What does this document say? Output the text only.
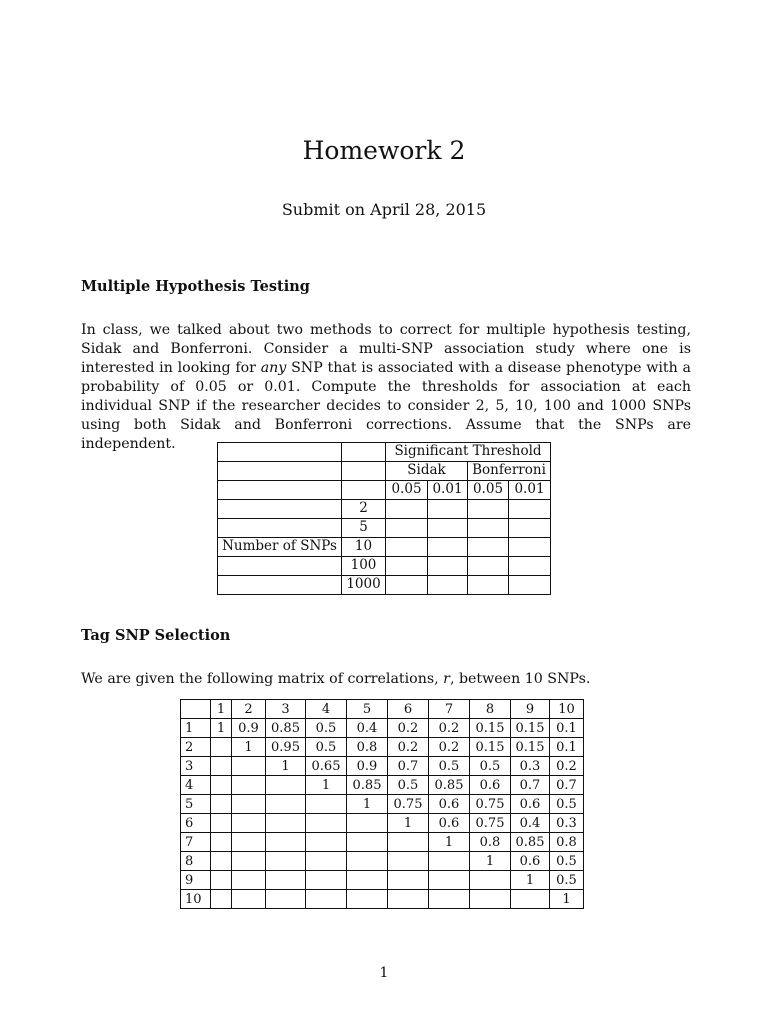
Homework 2
Submit on April 28, 2015
Multiple Hypothesis Testing
In class, we talked about two methods to correct for multiple hypothesis testing, Sidak and Bonferroni. Consider a multi-SNP association study where one is interested in looking for any SNP that is associated with a disease phenotype with a probability of 0.05 or 0.01. Compute the thresholds for association at each individual SNP if the researcher decides to consider 2, 5, 10, 100 and 1000 SNPs using both Sidak and Bonferroni corrections. Assume that the SNPs are independent.
			Significant Threshold			
		Sidak		Bonferroni	
		0.05	0.01	0.05	0.01
	2				
	5				
Number of SNPs	10				
	100				
	1000				
Tag SNP Selection
We are given the following matrix of correlations, r, between 10 SNPs.
	1	2	3	4	5	6	7	8	9	10
1	1	0.9	0.85	0.5	0.4	0.2	0.2	0.15	0.15	0.1
2		1	0.95	0.5	0.8	0.2	0.2	0.15	0.15	0.1
3			1	0.65	0.9	0.7	0.5	0.5	0.3	0.2
4				1	0.85	0.5	0.85	0.6	0.7	0.7
5					1	0.75	0.6	0.75	0.6	0.5
6						1	0.6	0.75	0.4	0.3
7							1	0.8	0.85	0.8
8								1	0.6	0.5
9									1	0.5
10										1
1
